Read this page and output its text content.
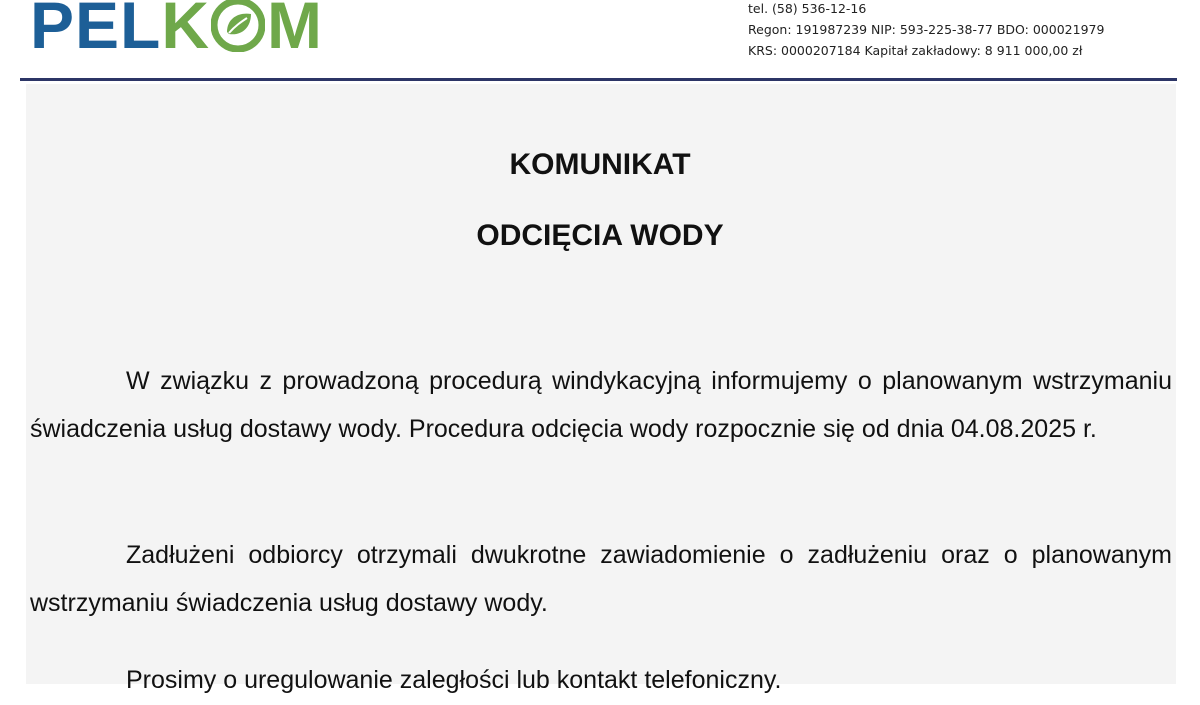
PEL K M	tel. (58) 536-12-16
Regon: 191987239 NIP: 593-225-38-77 BDO: 000021979
KRS: 0000207184 Kapitał zakładowy: 8 911 000,00 zł
KOMUNIKAT
ODCIĘCIA WODY
W związku z prowadzoną procedurą windykacyjną informujemy o planowanym wstrzymaniu świadczenia usług dostawy wody. Procedura odcięcia wody rozpocznie się od dnia 04.08.2025 r.
Zadłużeni odbiorcy otrzymali dwukrotne zawiadomienie o zadłużeniu oraz o planowanym wstrzymaniu świadczenia usług dostawy wody.
Prosimy o uregulowanie zaległości lub kontakt telefoniczny.
